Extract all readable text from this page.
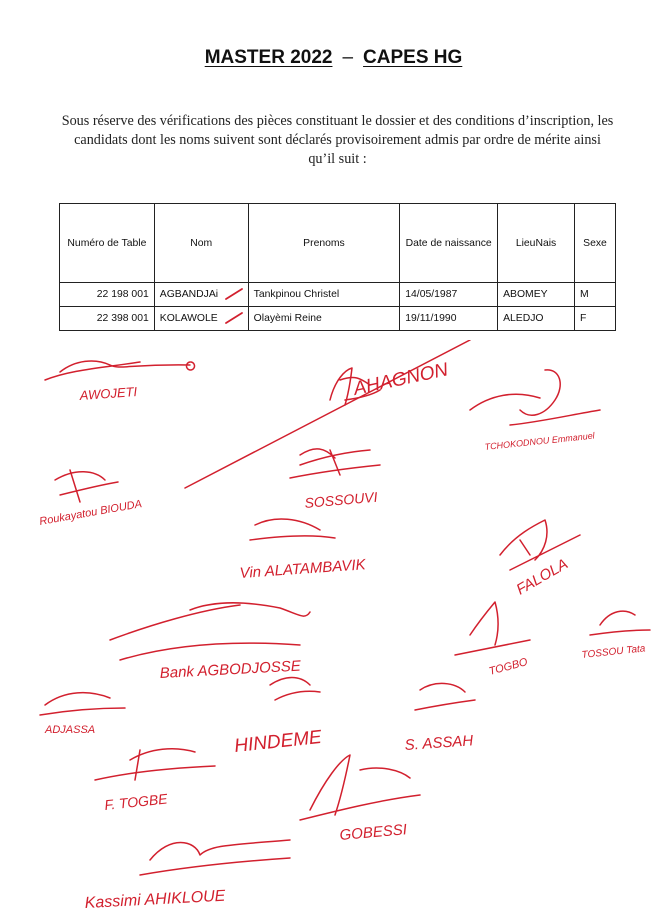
MASTER 2022 – CAPES HG
Sous réserve des vérifications des pièces constituant le dossier et des conditions d’inscription, les candidats dont les noms suivent sont déclarés provisoirement admis par ordre de mérite ainsi qu’il suit :
Numéro de Table	Nom	Prenoms	Date de naissance	LieuNais	Sexe
22 198 001	AGBANDJAi	Tankpinou Christel	14/05/1987	ABOMEY	M
22 398 001	KOLAWOLE	Olayèmi Reine	19/11/1990	ALEDJO	F
AWOJETI	AHAGNON
TCHOKODNOU Emmanuel
SOSSOUVI
Roukayatou BIOUDA
FALOLA
Vin ALATAMBAVIK
Bank AGBODJOSSE	TOGBO
TOSSOU Tata
ADJASSA	HINDEME	S. ASSAH
F. TOGBE
GOBESSI
Kassimi AHIKLOUE
